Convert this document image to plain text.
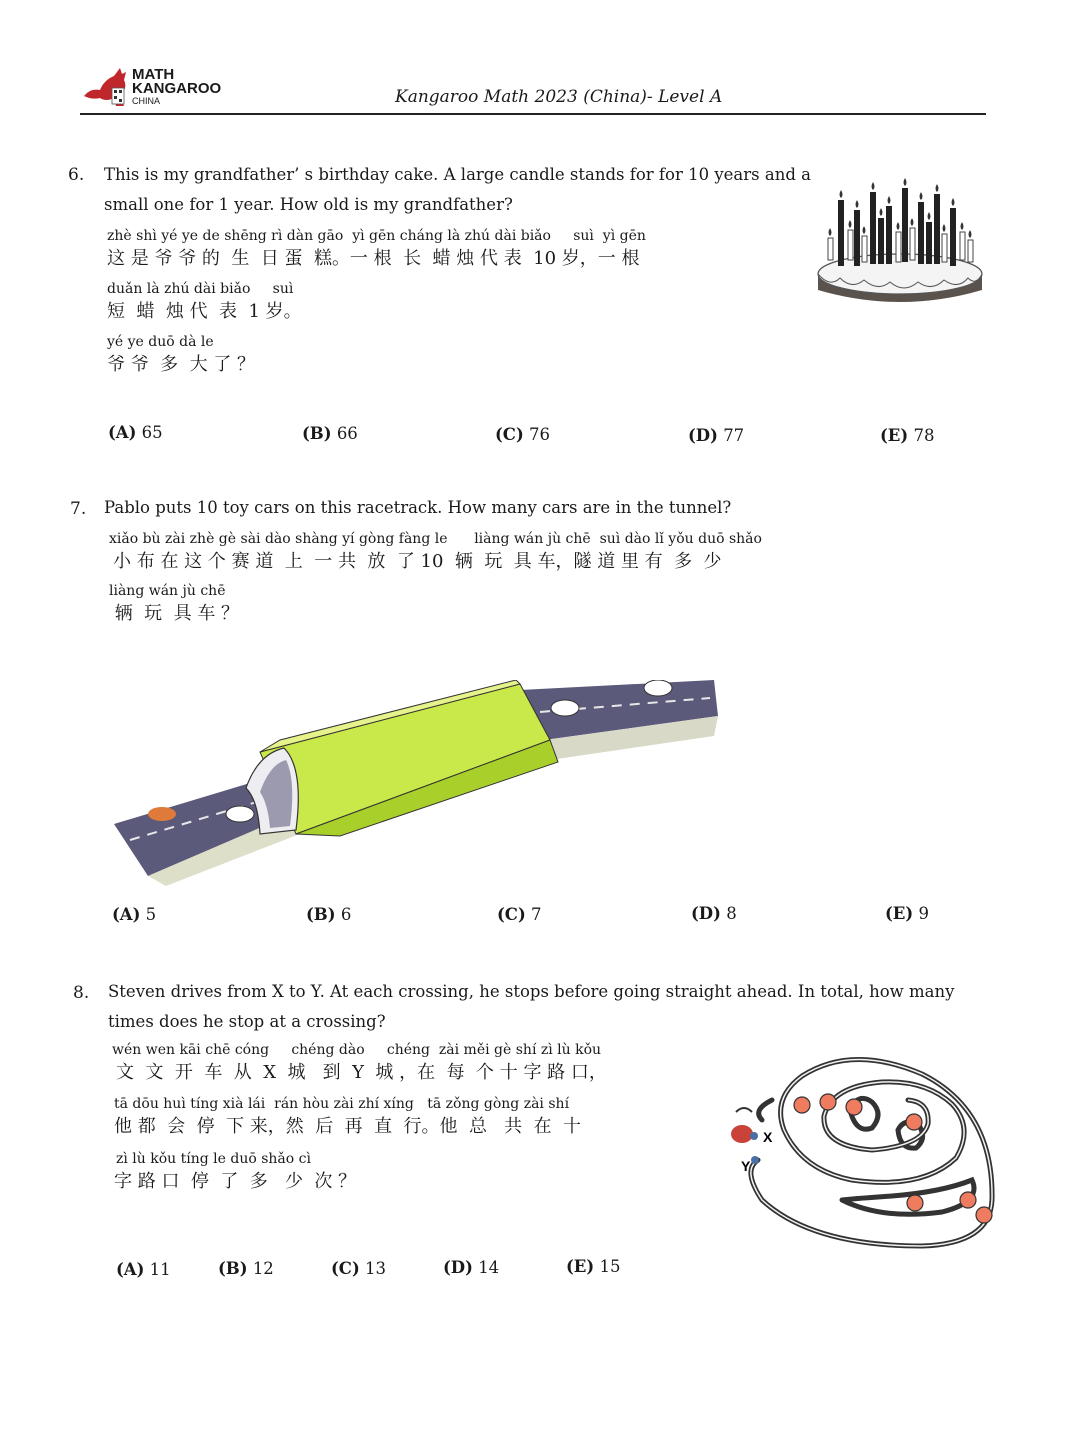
MATH
KANGAROO
CHINA	Kangaroo Math 2023 (China)- Level A
6. This is my grandfather’ s birthday cake. A large candle stands for for 10 years and a small one for 1 year. How old is my grandfather?
zhè shì yé ye de shēng rì dàn gāo  yì gēn cháng là zhú dài biǎo     suì  yì gēn
这 是 爷 爷 的  生  日 蛋  糕。一 根  长  蜡 烛 代 表  10 岁，一 根
duǎn là zhú dài biǎo     suì
短  蜡  烛 代  表  1 岁。
yé ye duō dà le
爷 爷  多  大 了 ？
(A) 65	(B) 66	(C) 76	(D) 77	(E) 78
7. Pablo puts 10 toy cars on this racetrack. How many cars are in the tunnel?
xiǎo bù zài zhè gè sài dào shàng yí gòng fàng le      liàng wán jù chē  suì dào lǐ yǒu duō shǎo
小 布 在 这 个 赛 道  上  一 共  放  了 10  辆  玩  具 车，隧 道 里 有  多  少
liàng wán jù chē
辆  玩  具 车 ？
(A) 5	(B) 6	(C) 7	(D) 8	(E) 9
8. Steven drives from X to Y. At each crossing, he stops before going straight ahead. In total, how many times does he stop at a crossing?
wén wen kāi chē cóng     chéng dào     chéng  zài měi gè shí zì lù kǒu
文  文  开  车  从  X  城   到  Y  城 ，在  每  个 十 字 路 口，
tā dōu huì tíng xià lái  rán hòu zài zhí xíng   tā zǒng gòng zài shí
他 都  会  停  下 来，然  后  再  直  行。他  总   共  在  十
zì lù kǒu tíng le duō shǎo cì
字 路 口  停  了  多   少  次 ？
X
Y
(A) 11	(B) 12	(C) 13	(D) 14	(E) 15
